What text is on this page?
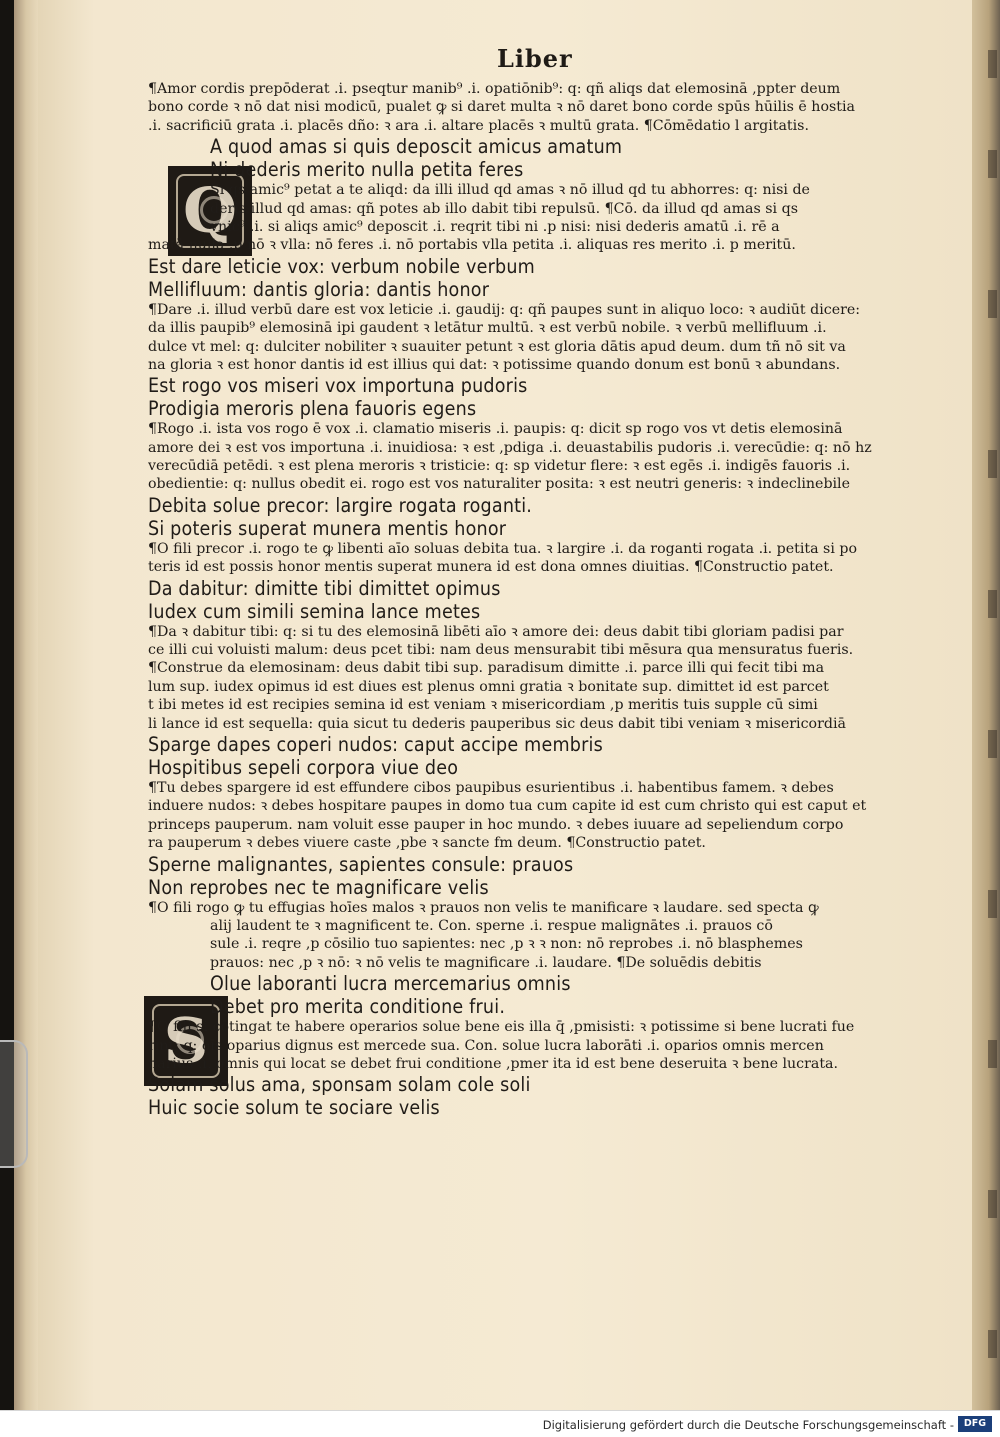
Liber
Q
S
¶Amor cordis prepōderat .i. pseqtur manib⁹ .i. opatiōnib⁹: q: qñ aliqs dat elemosinā ,ppter deum
bono corde ꝛ nō dat nisi modicū, pualet ꝙ si daret multa ꝛ nō daret bono corde spūs hūilis ē hostia
.i. sacrificiū grata .i. placēs dño: ꝛ ara .i. altare placēs ꝛ multū grata. ¶Cōmēdatio l argitatis.
A quod amas si quis deposcit amicus amatum
Ni dederis merito nulla petita feres
Si qs amic⁹ petat a te aliqd: da illi illud qd amas ꝛ nō illud qd tu abhorres: q: nisi de
deris illud qd amas: qñ potes ab illo dabit tibi repulsū. ¶Cō. da illud qd amas si qs
vnic⁹ .i. si aliqs amic⁹ deposcit .i. reqrit tibi ni .p nisi: nisi dederis amatū .i. rē a
matā nulla .p nō ꝛ vlla: nō feres .i. nō portabis vlla petita .i. aliquas res merito .i. p meritū.
Est dare leticie vox: verbum nobile verbum
Mellifluum: dantis gloria: dantis honor
¶Dare .i. illud verbū dare est vox leticie .i. gaudij: q: qñ paupes sunt in aliquo loco: ꝛ audiūt dicere:
da illis paupib⁹ elemosinā ipi gaudent ꝛ letātur multū. ꝛ est verbū nobile. ꝛ verbū mellifluum .i.
dulce vt mel: q: dulciter nobiliter ꝛ suauiter petunt ꝛ est gloria dātis apud deum. dum tñ nō sit va
na gloria ꝛ est honor dantis id est illius qui dat: ꝛ potissime quando donum est bonū ꝛ abundans.
Est rogo vos miseri vox importuna pudoris
Prodigia meroris plena fauoris egens
¶Rogo .i. ista vos rogo ē vox .i. clamatio miseris .i. paupis: q: dicit sp rogo vos vt detis elemosinā
amore dei ꝛ est vos importuna .i. inuidiosa: ꝛ est ,pdiga .i. deuastabilis pudoris .i. verecūdie: q: nō hz
verecūdiā petēdi. ꝛ est plena meroris ꝛ tristicie: q: sp videtur flere: ꝛ est egēs .i. indigēs fauoris .i.
obedientie: q: nullus obedit ei. rogo est vos naturaliter posita: ꝛ est neutri generis: ꝛ indeclinebile
Debita solue precor: largire rogata roganti.
Si poteris superat munera mentis honor
¶O fili precor .i. rogo te ꝙ libenti aīo soluas debita tua. ꝛ largire .i. da roganti rogata .i. petita si po
teris id est possis honor mentis superat munera id est dona omnes diuitias. ¶Constructio patet.
Da dabitur: dimitte tibi dimittet opimus
Iudex cum simili semina lance metes
¶Da ꝛ dabitur tibi: q: si tu des elemosinā libēti aīo ꝛ amore dei: deus dabit tibi gloriam padisi par
ce illi cui voluisti malum: deus pcet tibi: nam deus mensurabit tibi mēsura qua mensuratus fueris.
¶Construe da elemosinam: deus dabit tibi sup. paradisum dimitte .i. parce illi qui fecit tibi ma
lum sup. iudex opimus id est diues est plenus omni gratia ꝛ bonitate sup. dimittet id est parcet
t ibi metes id est recipies semina id est veniam ꝛ misericordiam ,p meritis tuis supple cū simi
li lance id est sequella: quia sicut tu dederis pauperibus sic deus dabit tibi veniam ꝛ misericordiā
Sparge dapes coperi nudos: caput accipe membris
Hospitibus sepeli corpora viue deo
¶Tu debes spargere id est effundere cibos paupibus esurientibus .i. habentibus famem. ꝛ debes
induere nudos: ꝛ debes hospitare paupes in domo tua cum capite id est cum christo qui est caput et
princeps pauperum. nam voluit esse pauper in hoc mundo. ꝛ debes iuuare ad sepeliendum corpo
ra pauperum ꝛ debes viuere caste ,pbe ꝛ sancte fm deum. ¶Constructio patet.
Sperne malignantes, sapientes consule: prauos
Non reprobes nec te magnificare velis
¶O fili rogo ꝙ tu effugias hoīes malos ꝛ prauos non velis te manificare ꝛ laudare. sed specta ꝙ
alij laudent te ꝛ magnificent te. Con. sperne .i. respue malignātes .i. prauos cō
sule .i. reqre ,p cōsilio tuo sapientes: nec ,p ꝛ ꝛ non: nō reprobes .i. nō blasphemes
prauos: nec ,p ꝛ nō: ꝛ nō velis te magnificare .i. laudare. ¶De soluēdis debitis
Olue laboranti lucra mercemarius omnis
Debet pro merita conditione frui.
¶O fili si cōtingat te habere operarios solue bene eis illa q̄ ,pmisisti: ꝛ potissime si bene lucrati fue
rint: q: oīs oparius dignus est mercede sua. Con. solue lucra laborāti .i. oparios omnis mercen
narius .i. omnis qui locat se debet frui conditione ,pmer ita id est bene deseruita ꝛ bene lucrata.
Solam solus ama, sponsam solam cole soli
Huic socie solum te sociare velis
Digitalisierung gefördert durch die Deutsche Forschungsgemeinschaft -	DFG
